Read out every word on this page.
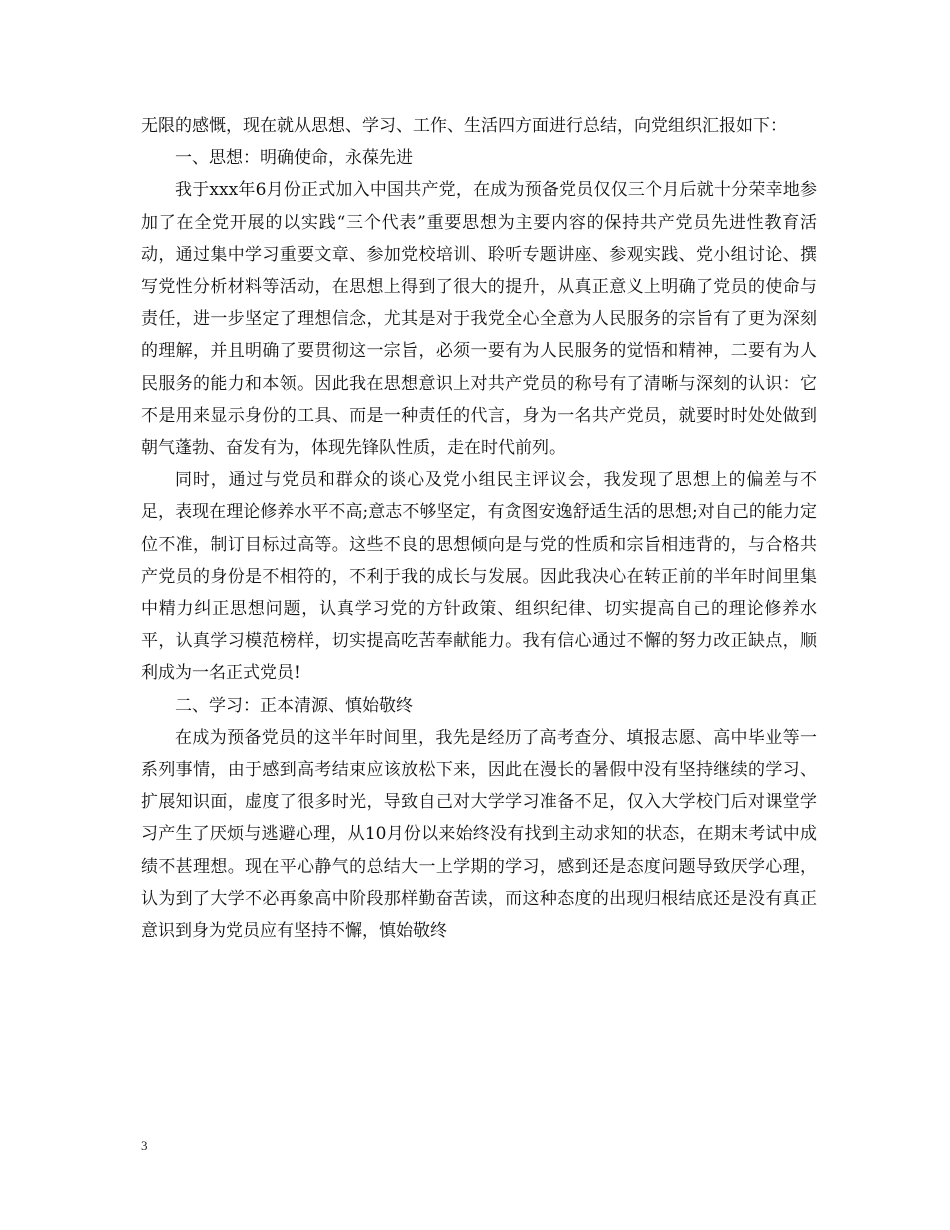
无限的感慨，现在就从思想、学习、工作、生活四方面进行总结，向党组织汇报如下：

一、思想：明确使命，永葆先进

我于xxx年6月份正式加入中国共产党，在成为预备党员仅仅三个月后就十分荣幸地参加了在全党开展的以实践“三个代表”重要思想为主要内容的保持共产党员先进性教育活动，通过集中学习重要文章、参加党校培训、聆听专题讲座、参观实践、党小组讨论、撰写党性分析材料等活动，在思想上得到了很大的提升，从真正意义上明确了党员的使命与责任，进一步坚定了理想信念，尤其是对于我党全心全意为人民服务的宗旨有了更为深刻的理解，并且明确了要贯彻这一宗旨，必须一要有为人民服务的觉悟和精神，二要有为人民服务的能力和本领。因此我在思想意识上对共产党员的称号有了清晰与深刻的认识：它不是用来显示身份的工具、而是一种责任的代言，身为一名共产党员，就要时时处处做到朝气蓬勃、奋发有为，体现先锋队性质，走在时代前列。

同时，通过与党员和群众的谈心及党小组民主评议会，我发现了思想上的偏差与不足，表现在理论修养水平不高;意志不够坚定，有贪图安逸舒适生活的思想;对自己的能力定位不准，制订目标过高等。这些不良的思想倾向是与党的性质和宗旨相违背的，与合格共产党员的身份是不相符的，不利于我的成长与发展。因此我决心在转正前的半年时间里集中精力纠正思想问题，认真学习党的方针政策、组织纪律、切实提高自己的理论修养水平，认真学习模范榜样，切实提高吃苦奉献能力。我有信心通过不懈的努力改正缺点，顺利成为一名正式党员!

二、学习：正本清源、慎始敬终

在成为预备党员的这半年时间里，我先是经历了高考查分、填报志愿、高中毕业等一系列事情，由于感到高考结束应该放松下来，因此在漫长的暑假中没有坚持继续的学习、扩展知识面，虚度了很多时光，导致自己对大学学习准备不足，仅入大学校门后对课堂学习产生了厌烦与逃避心理，从10月份以来始终没有找到主动求知的状态，在期末考试中成绩不甚理想。现在平心静气的总结大一上学期的学习，感到还是态度问题导致厌学心理，认为到了大学不必再象高中阶段那样勤奋苦读，而这种态度的出现归根结底还是没有真正意识到身为党员应有坚持不懈，慎始敬终

3
